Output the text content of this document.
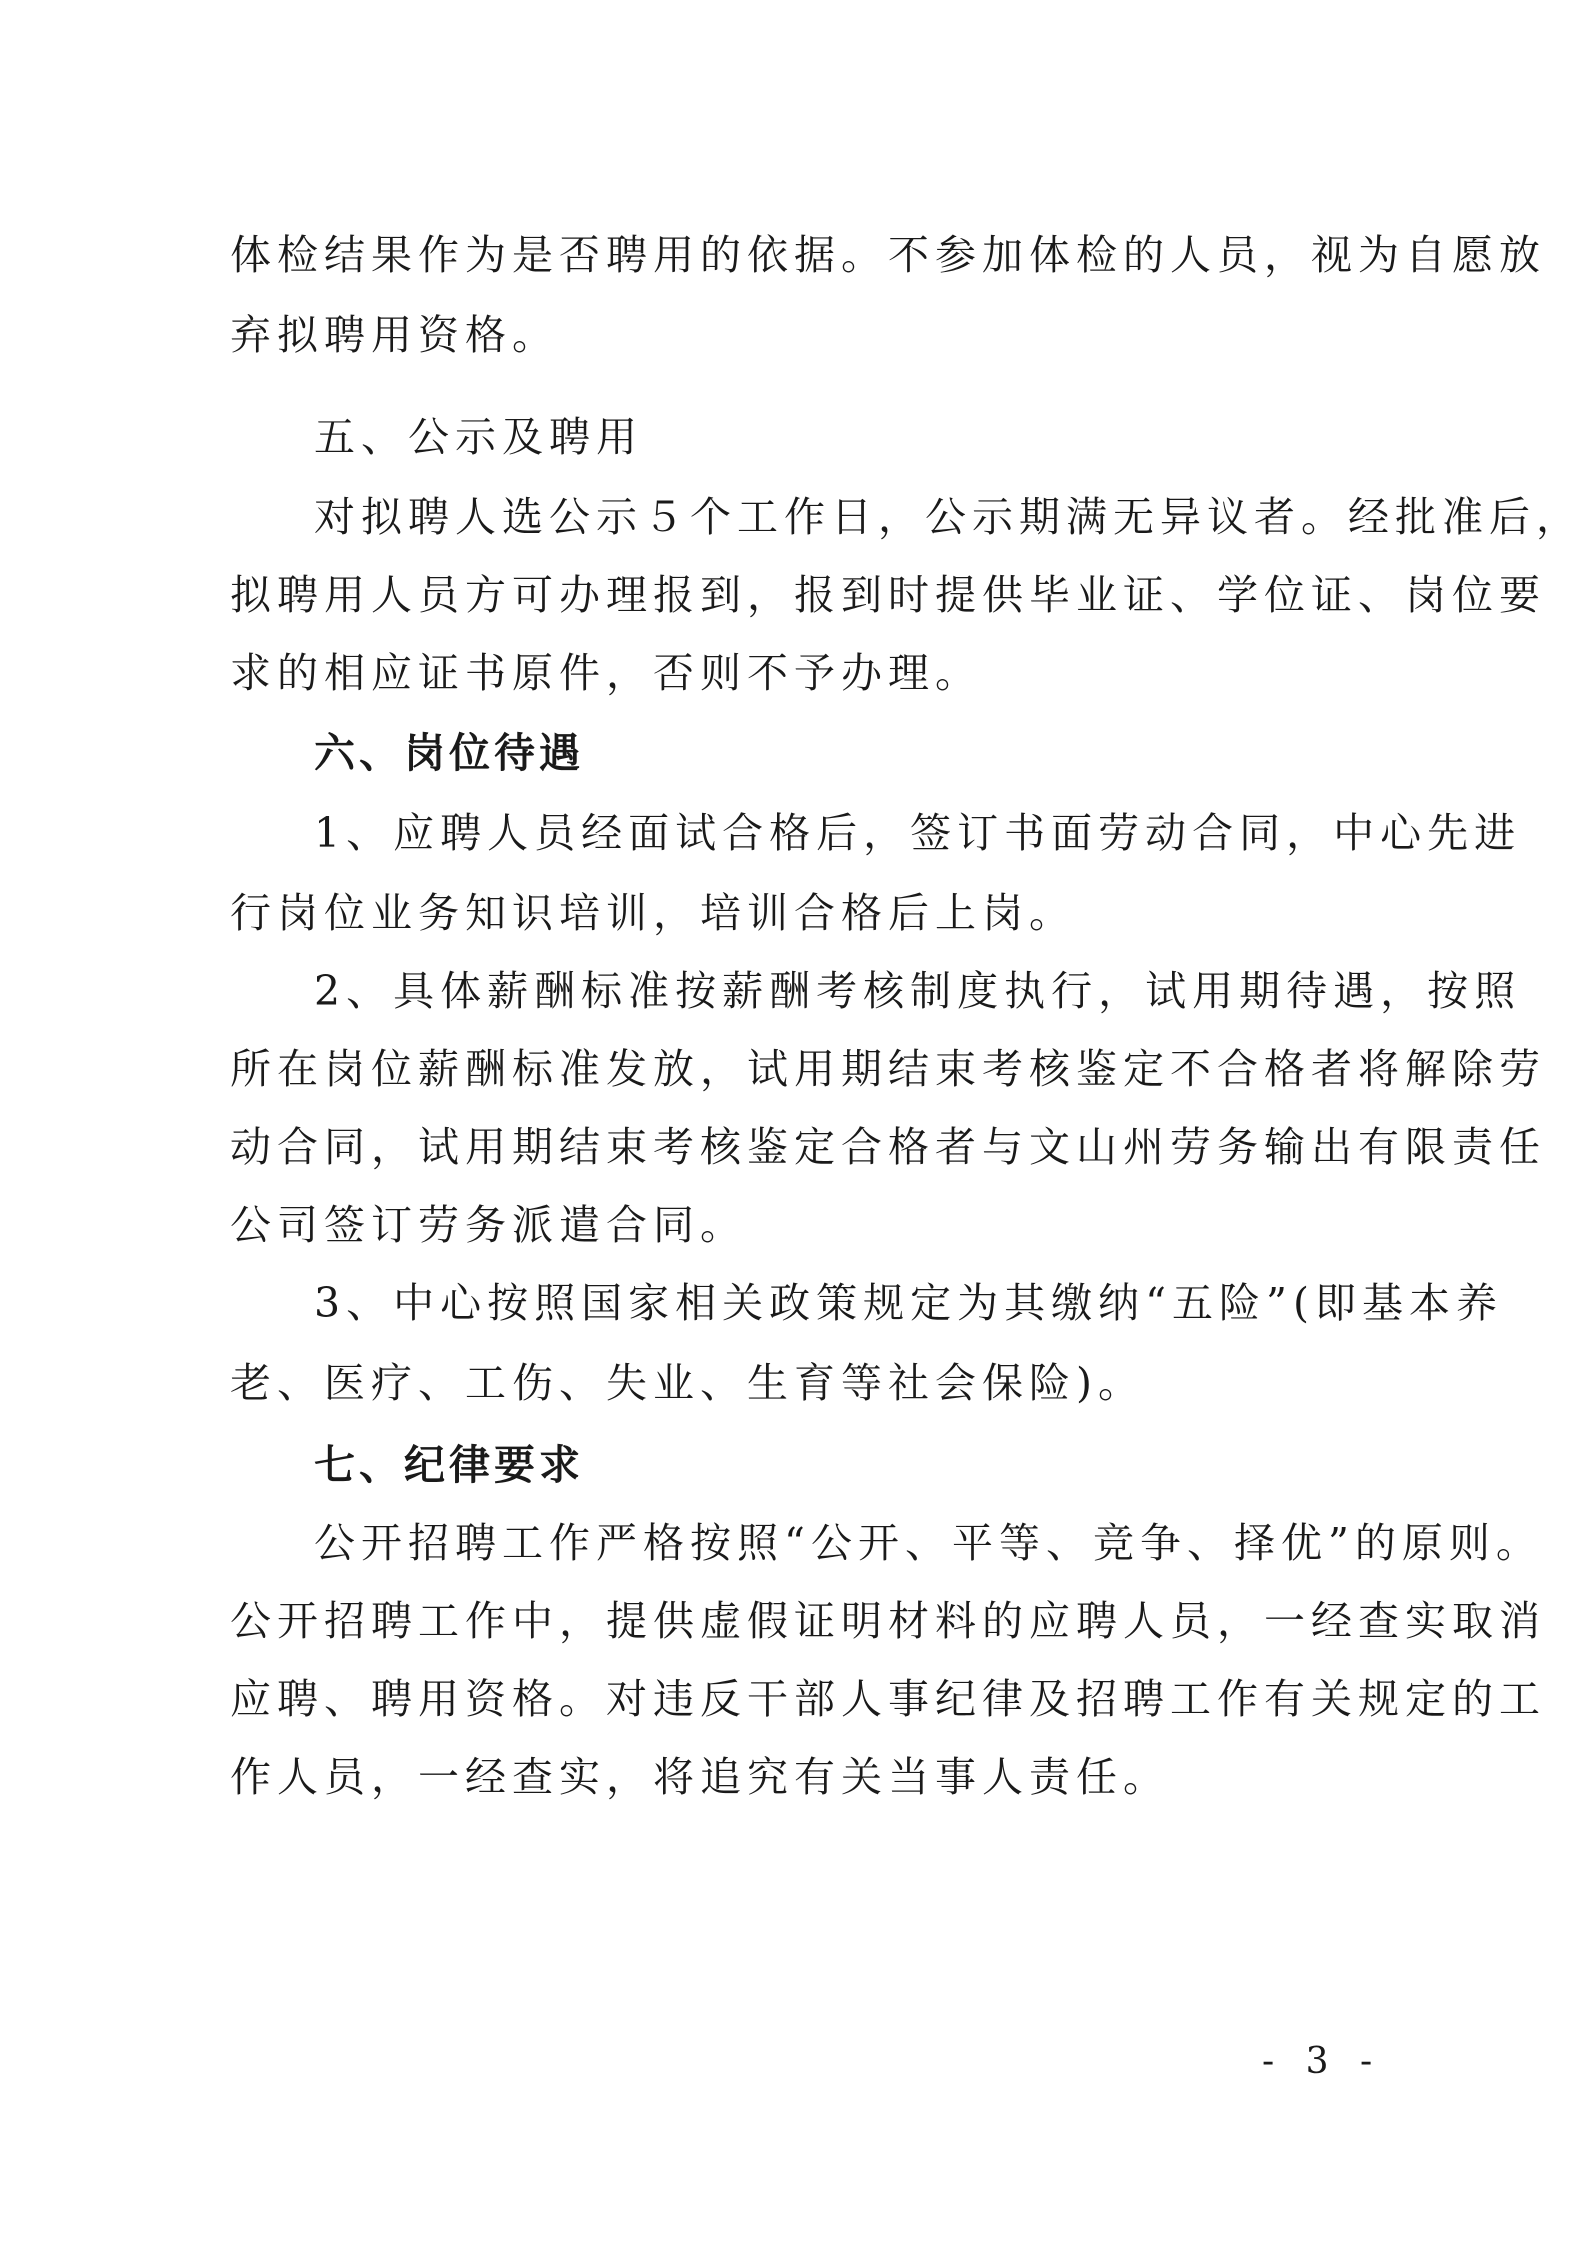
体检结果作为是否聘用的依据。不参加体检的人员，视为自愿放
弃拟聘用资格。
五、公示及聘用
对拟聘人选公示５个工作日，公示期满无异议者。经批准后，
拟聘用人员方可办理报到，报到时提供毕业证、学位证、岗位要
求的相应证书原件，否则不予办理。
六、岗位待遇
1、应聘人员经面试合格后，签订书面劳动合同，中心先进
行岗位业务知识培训，培训合格后上岗。
2、具体薪酬标准按薪酬考核制度执行，试用期待遇，按照
所在岗位薪酬标准发放，试用期结束考核鉴定不合格者将解除劳
动合同，试用期结束考核鉴定合格者与文山州劳务输出有限责任
公司签订劳务派遣合同。
3、中心按照国家相关政策规定为其缴纳“五险”(即基本养
老、医疗、工伤、失业、生育等社会保险)。
七、纪律要求
公开招聘工作严格按照“公开、平等、竞争、择优”的原则。
公开招聘工作中，提供虚假证明材料的应聘人员，一经查实取消
应聘、聘用资格。对违反干部人事纪律及招聘工作有关规定的工
作人员，一经查实，将追究有关当事人责任。
- 3 -
